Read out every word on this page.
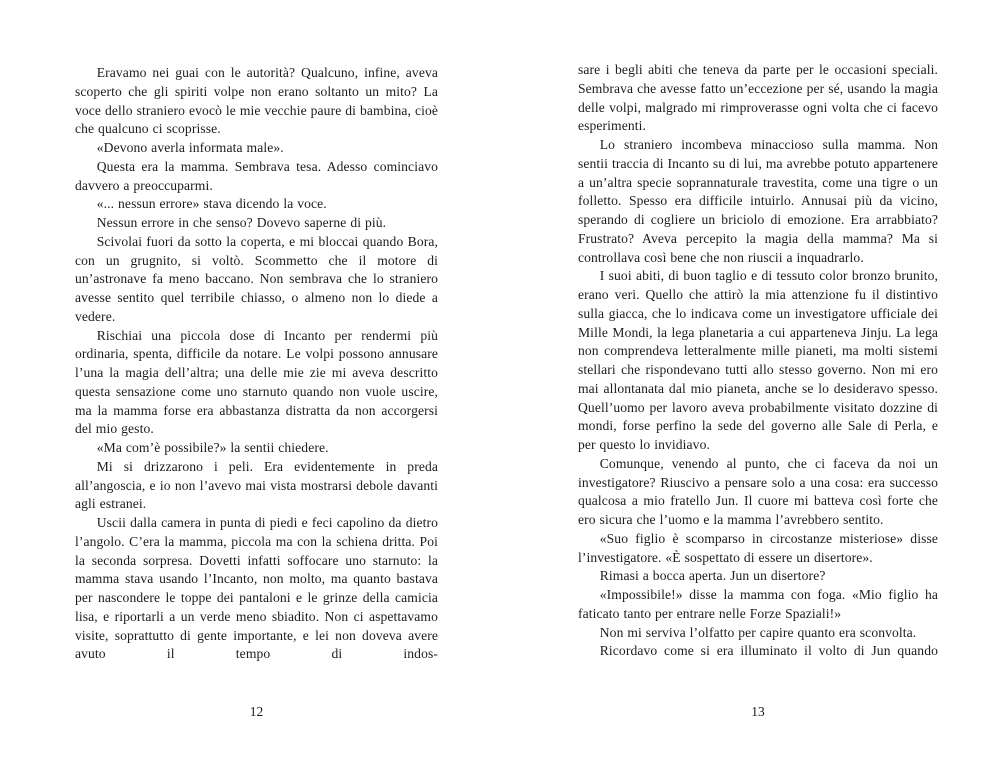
Eravamo nei guai con le autorità? Qualcuno, infine, aveva scoperto che gli spiriti volpe non erano soltanto un mito? La voce dello straniero evocò le mie vecchie paure di bambina, cioè che qualcuno ci scoprisse.

«Devono averla informata male».

Questa era la mamma. Sembrava tesa. Adesso cominciavo davvero a preoccuparmi.

«... nessun errore» stava dicendo la voce.

Nessun errore in che senso? Dovevo saperne di più.

Scivolai fuori da sotto la coperta, e mi bloccai quando Bora, con un grugnito, si voltò. Scommetto che il motore di un’astronave fa meno baccano. Non sembrava che lo straniero avesse sentito quel terribile chiasso, o almeno non lo diede a vedere.

Rischiai una piccola dose di Incanto per rendermi più ordinaria, spenta, difficile da notare. Le volpi possono annusare l’una la magia dell’altra; una delle mie zie mi aveva descritto questa sensazione come uno starnuto quando non vuole uscire, ma la mamma forse era abbastanza distratta da non accorgersi del mio gesto.

«Ma com’è possibile?» la sentii chiedere.

Mi si drizzarono i peli. Era evidentemente in preda all’angoscia, e io non l’avevo mai vista mostrarsi debole davanti agli estranei.

Uscii dalla camera in punta di piedi e feci capolino da dietro l’angolo. C’era la mamma, piccola ma con la schiena dritta. Poi la seconda sorpresa. Dovetti infatti soffocare uno starnuto: la mamma stava usando l’Incanto, non molto, ma quanto bastava per nascondere le toppe dei pantaloni e le grinze della camicia lisa, e riportarli a un verde meno sbiadito. Non ci aspettavamo visite, soprattutto di gente importante, e lei non doveva avere avuto il tempo di indos-

12

sare i begli abiti che teneva da parte per le occasioni speciali. Sembrava che avesse fatto un’eccezione per sé, usando la magia delle volpi, malgrado mi rimproverasse ogni volta che ci facevo esperimenti.

Lo straniero incombeva minaccioso sulla mamma. Non sentii traccia di Incanto su di lui, ma avrebbe potuto appartenere a un’altra specie soprannaturale travestita, come una tigre o un folletto. Spesso era difficile intuirlo. Annusai più da vicino, sperando di cogliere un briciolo di emozione. Era arrabbiato? Frustrato? Aveva percepito la magia della mamma? Ma si controllava così bene che non riuscii a inquadrarlo.

I suoi abiti, di buon taglio e di tessuto color bronzo brunito, erano veri. Quello che attirò la mia attenzione fu il distintivo sulla giacca, che lo indicava come un investigatore ufficiale dei Mille Mondi, la lega planetaria a cui apparteneva Jinju. La lega non comprendeva letteralmente mille pianeti, ma molti sistemi stellari che rispondevano tutti allo stesso governo. Non mi ero mai allontanata dal mio pianeta, anche se lo desideravo spesso. Quell’uomo per lavoro aveva probabilmente visitato dozzine di mondi, forse perfino la sede del governo alle Sale di Perla, e per questo lo invidiavo.

Comunque, venendo al punto, che ci faceva da noi un investigatore? Riuscivo a pensare solo a una cosa: era successo qualcosa a mio fratello Jun. Il cuore mi batteva così forte che ero sicura che l’uomo e la mamma l’avrebbero sentito.

«Suo figlio è scomparso in circostanze misteriose» disse l’investigatore. «È sospettato di essere un disertore».

Rimasi a bocca aperta. Jun un disertore?

«Impossibile!» disse la mamma con foga. «Mio figlio ha faticato tanto per entrare nelle Forze Spaziali!»

Non mi serviva l’olfatto per capire quanto era sconvolta.

Ricordavo come si era illuminato il volto di Jun quando

13
